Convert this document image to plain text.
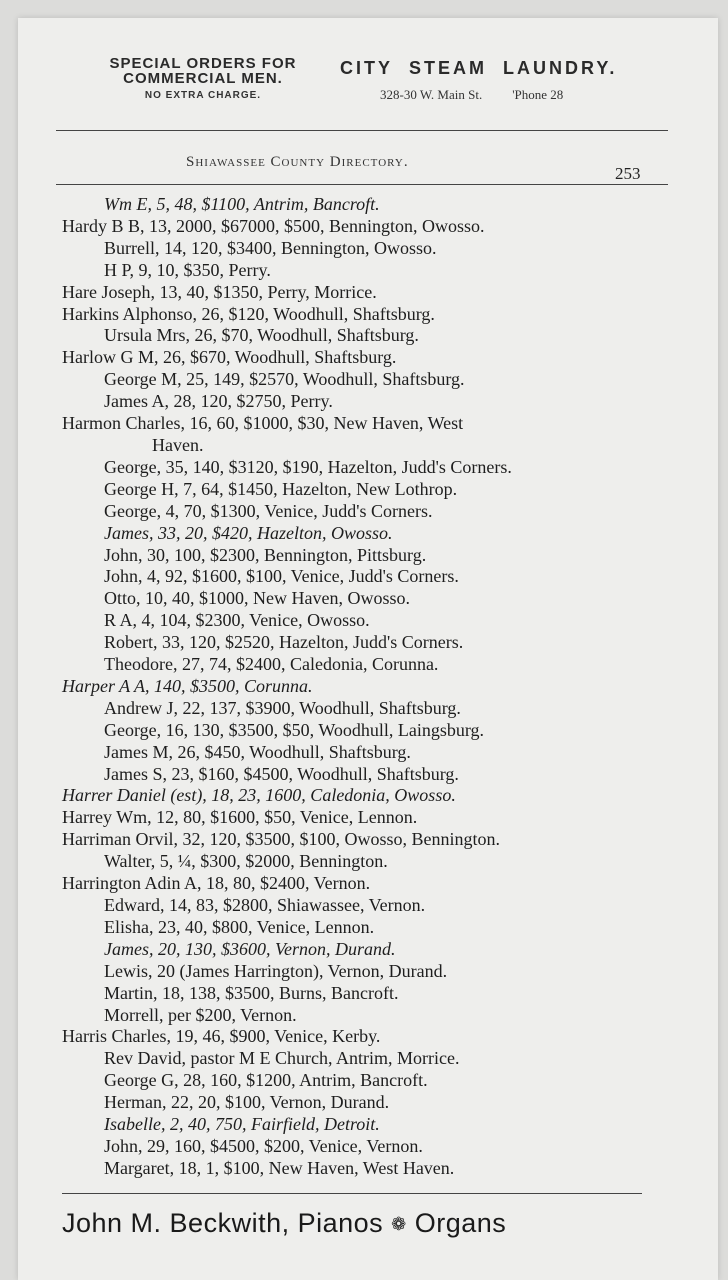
SPECIAL ORDERS FOR
COMMERCIAL MEN.
NO EXTRA CHARGE.
CITY STEAM LAUNDRY.
328-30 W. Main St. 'Phone 28
Shiawassee County Directory.
253
Wm E, 5, 48, $1100, Antrim, Bancroft.
Hardy B B, 13, 2000, $67000, $500, Bennington, Owosso.
Burrell, 14, 120, $3400, Bennington, Owosso.
H P, 9, 10, $350, Perry.
Hare Joseph, 13, 40, $1350, Perry, Morrice.
Harkins Alphonso, 26, $120, Woodhull, Shaftsburg.
Ursula Mrs, 26, $70, Woodhull, Shaftsburg.
Harlow G M, 26, $670, Woodhull, Shaftsburg.
George M, 25, 149, $2570, Woodhull, Shaftsburg.
James A, 28, 120, $2750, Perry.
Harmon Charles, 16, 60, $1000, $30, New Haven, West
Haven.
George, 35, 140, $3120, $190, Hazelton, Judd's Corners.
George H, 7, 64, $1450, Hazelton, New Lothrop.
George, 4, 70, $1300, Venice, Judd's Corners.
James, 33, 20, $420, Hazelton, Owosso.
John, 30, 100, $2300, Bennington, Pittsburg.
John, 4, 92, $1600, $100, Venice, Judd's Corners.
Otto, 10, 40, $1000, New Haven, Owosso.
R A, 4, 104, $2300, Venice, Owosso.
Robert, 33, 120, $2520, Hazelton, Judd's Corners.
Theodore, 27, 74, $2400, Caledonia, Corunna.
Harper A A, 140, $3500, Corunna.
Andrew J, 22, 137, $3900, Woodhull, Shaftsburg.
George, 16, 130, $3500, $50, Woodhull, Laingsburg.
James M, 26, $450, Woodhull, Shaftsburg.
James S, 23, $160, $4500, Woodhull, Shaftsburg.
Harrer Daniel (est), 18, 23, 1600, Caledonia, Owosso.
Harrey Wm, 12, 80, $1600, $50, Venice, Lennon.
Harriman Orvil, 32, 120, $3500, $100, Owosso, Bennington.
Walter, 5, ¼, $300, $2000, Bennington.
Harrington Adin A, 18, 80, $2400, Vernon.
Edward, 14, 83, $2800, Shiawassee, Vernon.
Elisha, 23, 40, $800, Venice, Lennon.
James, 20, 130, $3600, Vernon, Durand.
Lewis, 20 (James Harrington), Vernon, Durand.
Martin, 18, 138, $3500, Burns, Bancroft.
Morrell, per $200, Vernon.
Harris Charles, 19, 46, $900, Venice, Kerby.
Rev David, pastor M E Church, Antrim, Morrice.
George G, 28, 160, $1200, Antrim, Bancroft.
Herman, 22, 20, $100, Vernon, Durand.
Isabelle, 2, 40, 750, Fairfield, Detroit.
John, 29, 160, $4500, $200, Venice, Vernon.
Margaret, 18, 1, $100, New Haven, West Haven.
John M. Beckwith, Pianos ❁ Organs
